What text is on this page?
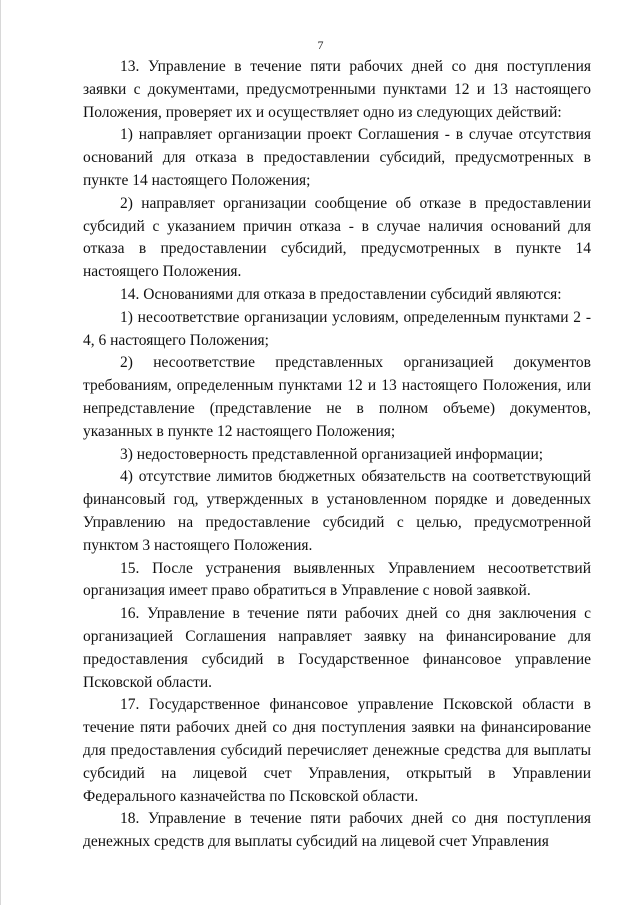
7

13. Управление в течение пяти рабочих дней со дня поступления заявки с документами, предусмотренными пунктами 12 и 13 настоящего Положения, проверяет их и осуществляет одно из следующих действий:

1) направляет организации проект Соглашения - в случае отсутствия оснований для отказа в предоставлении субсидий, предусмотренных в пункте 14 настоящего Положения;

2) направляет организации сообщение об отказе в предоставлении субсидий с указанием причин отказа - в случае наличия оснований для отказа в предоставлении субсидий, предусмотренных в пункте 14 настоящего Положения.

14. Основаниями для отказа в предоставлении субсидий являются:

1) несоответствие организации условиям, определенным пунктами 2 - 4, 6 настоящего Положения;

2) несоответствие представленных организацией документов требованиям, определенным пунктами 12 и 13 настоящего Положения, или непредставление (представление не в полном объеме) документов, указанных в пункте 12 настоящего Положения;

3) недостоверность представленной организацией информации;

4) отсутствие лимитов бюджетных обязательств на соответствующий финансовый год, утвержденных в установленном порядке и доведенных Управлению на предоставление субсидий с целью, предусмотренной пунктом 3 настоящего Положения.

15. После устранения выявленных Управлением несоответствий организация имеет право обратиться в Управление с новой заявкой.

16. Управление в течение пяти рабочих дней со дня заключения с организацией Соглашения направляет заявку на финансирование для предоставления субсидий в Государственное финансовое управление Псковской области.

17. Государственное финансовое управление Псковской области в течение пяти рабочих дней со дня поступления заявки на финансирование для предоставления субсидий перечисляет денежные средства для выплаты субсидий на лицевой счет Управления, открытый в Управлении Федерального казначейства по Псковской области.

18. Управление в течение пяти рабочих дней со дня поступления денежных средств для выплаты субсидий на лицевой счет Управления
